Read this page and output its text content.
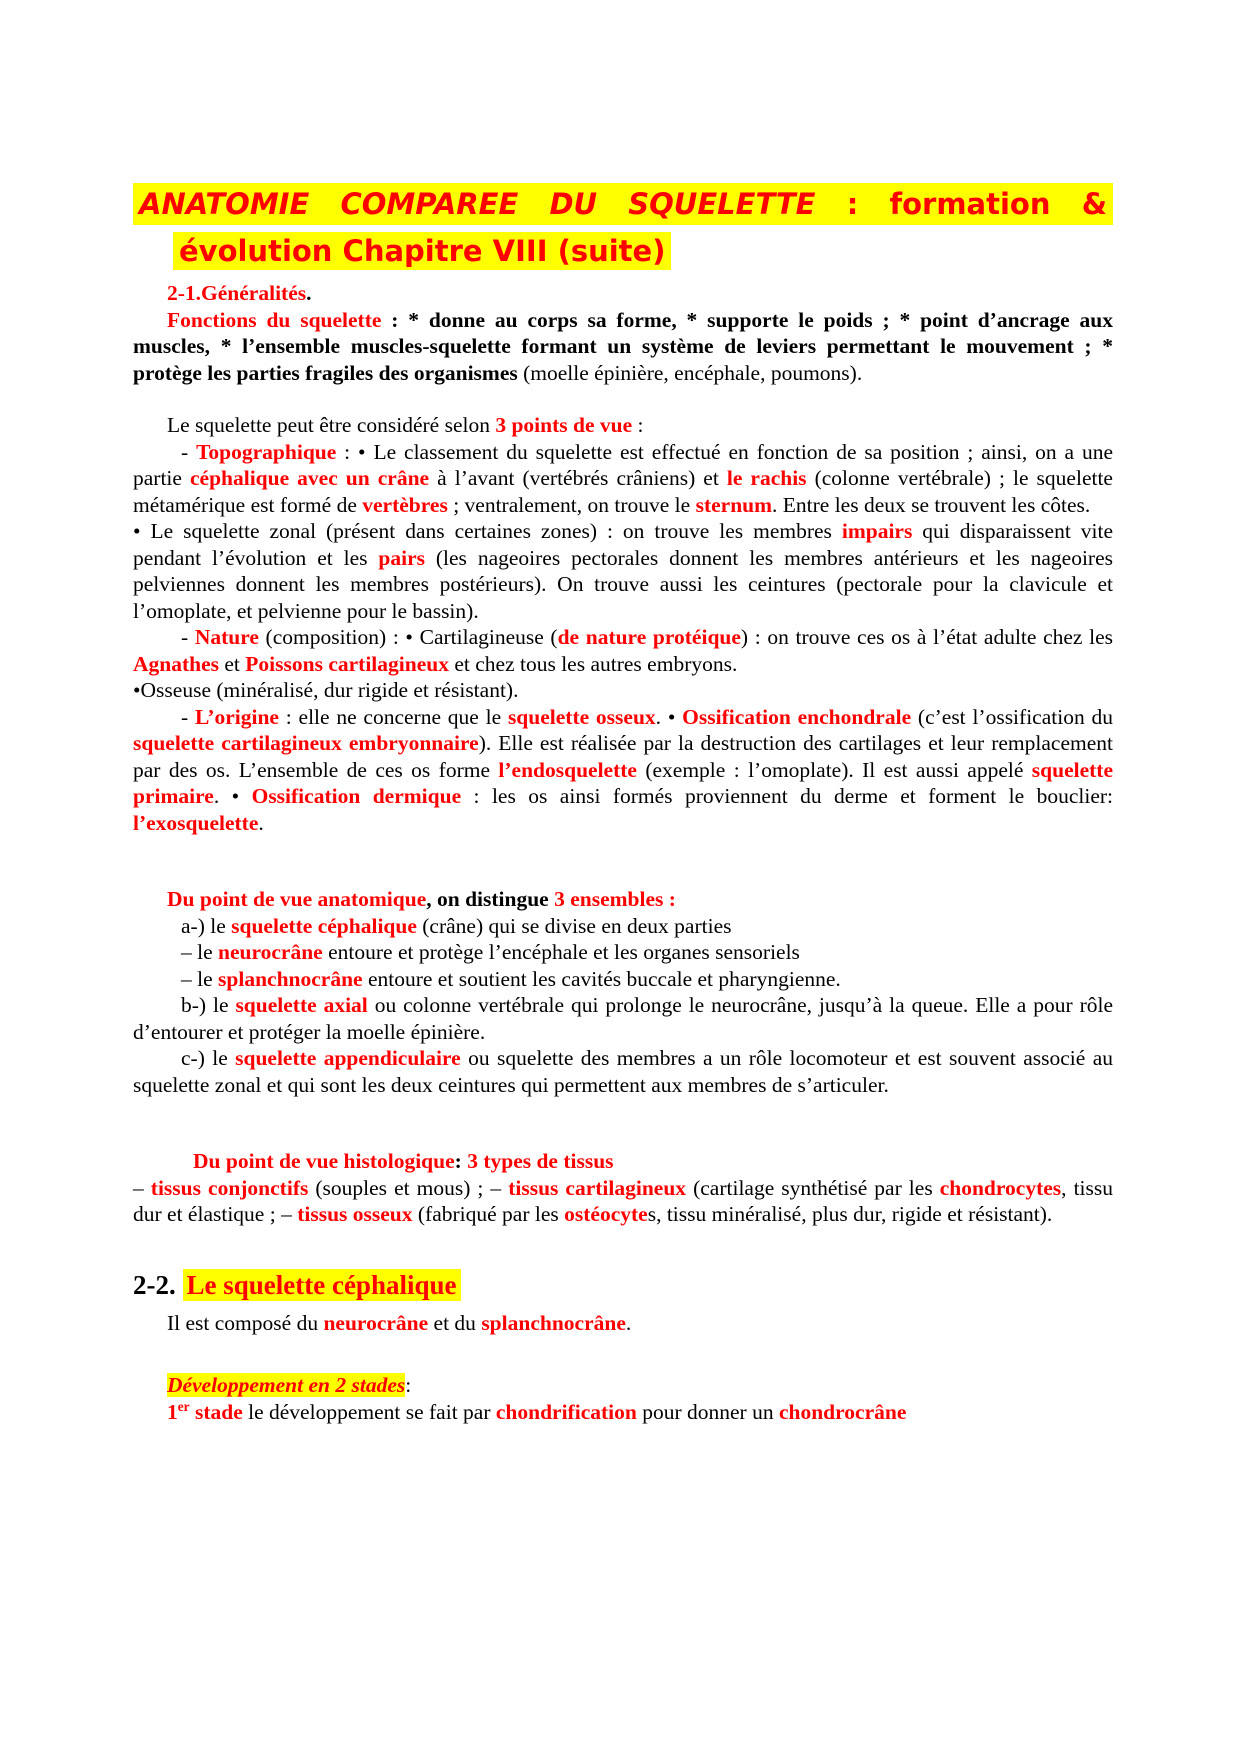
ANATOMIE COMPAREE DU SQUELETTE : formation &
évolution Chapitre VIII (suite)
2-1.Généralités.
Fonctions du squelette : * donne au corps sa forme, * supporte le poids ; * point d’ancrage aux muscles, * l’ensemble muscles-squelette formant un système de leviers permettant le mouvement ; * protège les parties fragiles des organismes (moelle épinière, encéphale, poumons).
Le squelette peut être considéré selon 3 points de vue :
- Topographique : • Le classement du squelette est effectué en fonction de sa position ; ainsi, on a une partie céphalique avec un crâne à l’avant (vertébrés crâniens) et le rachis (colonne vertébrale) ; le squelette métamérique est formé de vertèbres ; ventralement, on trouve le sternum. Entre les deux se trouvent les côtes.
• Le squelette zonal (présent dans certaines zones) : on trouve les membres impairs qui disparaissent vite pendant l’évolution et les pairs (les nageoires pectorales donnent les membres antérieurs et les nageoires pelviennes donnent les membres postérieurs). On trouve aussi les ceintures (pectorale pour la clavicule et l’omoplate, et pelvienne pour le bassin).
- Nature (composition) : • Cartilagineuse (de nature protéique) : on trouve ces os à l’état adulte chez les Agnathes et Poissons cartilagineux et chez tous les autres embryons.
•Osseuse (minéralisé, dur rigide et résistant).
- L’origine : elle ne concerne que le squelette osseux. • Ossification enchondrale (c’est l’ossification du squelette cartilagineux embryonnaire). Elle est réalisée par la destruction des cartilages et leur remplacement par des os. L’ensemble de ces os forme l’endosquelette (exemple : l’omoplate). Il est aussi appelé squelette primaire. • Ossification dermique : les os ainsi formés proviennent du derme et forment le bouclier: l’exosquelette.
Du point de vue anatomique, on distingue 3 ensembles :
a-) le squelette céphalique (crâne) qui se divise en deux parties
– le neurocrâne entoure et protège l’encéphale et les organes sensoriels
– le splanchnocrâne entoure et soutient les cavités buccale et pharyngienne.
b-) le squelette axial ou colonne vertébrale qui prolonge le neurocrâne, jusqu’à la queue. Elle a pour rôle d’entourer et protéger la moelle épinière.
c-) le squelette appendiculaire ou squelette des membres a un rôle locomoteur et est souvent associé au squelette zonal et qui sont les deux ceintures qui permettent aux membres de s’articuler.
Du point de vue histologique: 3 types de tissus
– tissus conjonctifs (souples et mous) ; – tissus cartilagineux (cartilage synthétisé par les chondrocytes, tissu dur et élastique ; – tissus osseux (fabriqué par les ostéocytes, tissu minéralisé, plus dur, rigide et résistant).
2-2. Le squelette céphalique
Il est composé du neurocrâne et du splanchnocrâne.
Développement en 2 stades:
1er stade le développement se fait par chondrification pour donner un chondrocrâne
